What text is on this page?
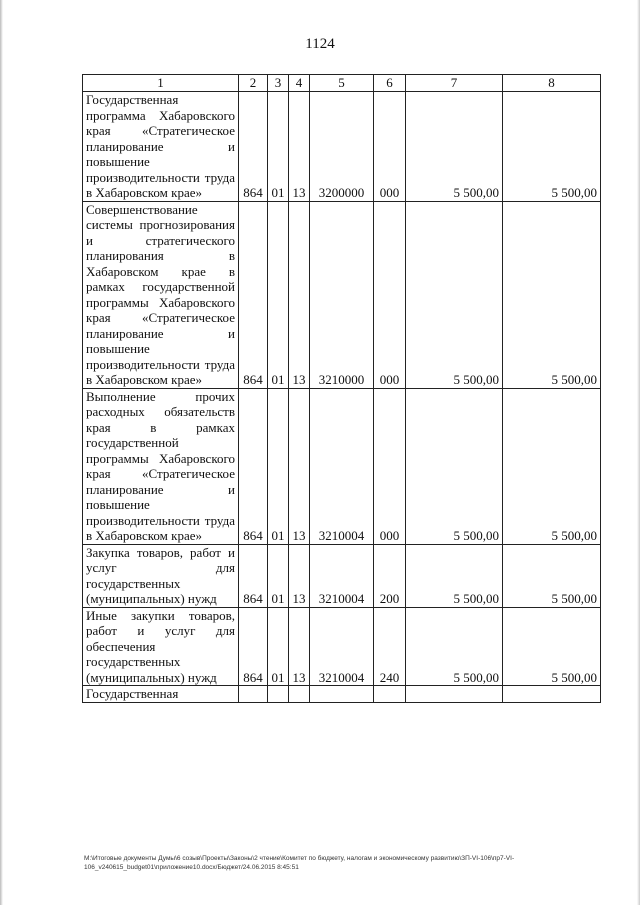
1124
1	2	3	4	5	6	7	8
Государственная программа Хабаровского края «Стратегическое планирование и повышение производительности труда в Хабаровском крае»	864	01	13	3200000	000	5 500,00	5 500,00
Совершенствование системы прогнозирования и стратегического планирования в Хабаровском крае в рамках государственной программы Хабаровского края «Стратегическое планирование и повышение производительности труда в Хабаровском крае»	864	01	13	3210000	000	5 500,00	5 500,00
Выполнение прочих расходных обязательств края в рамках государственной программы Хабаровского края «Стратегическое планирование и повышение производительности труда в Хабаровском крае»	864	01	13	3210004	000	5 500,00	5 500,00
Закупка товаров, работ и услуг для государственных (муниципальных) нужд	864	01	13	3210004	200	5 500,00	5 500,00
Иные закупки товаров, работ и услуг для обеспечения государственных (муниципальных) нужд	864	01	13	3210004	240	5 500,00	5 500,00
Государственная							
М:\Итоговые документы Думы\6 созыв\Проекты\Законы\2 чтение\Комитет по бюджету, налогам и экономическому развитию\ЗП-VI-106\пр7-VI-
106_v240615_budget01\приложение10.docx/Бюджет/24.06.2015 8:45:51
